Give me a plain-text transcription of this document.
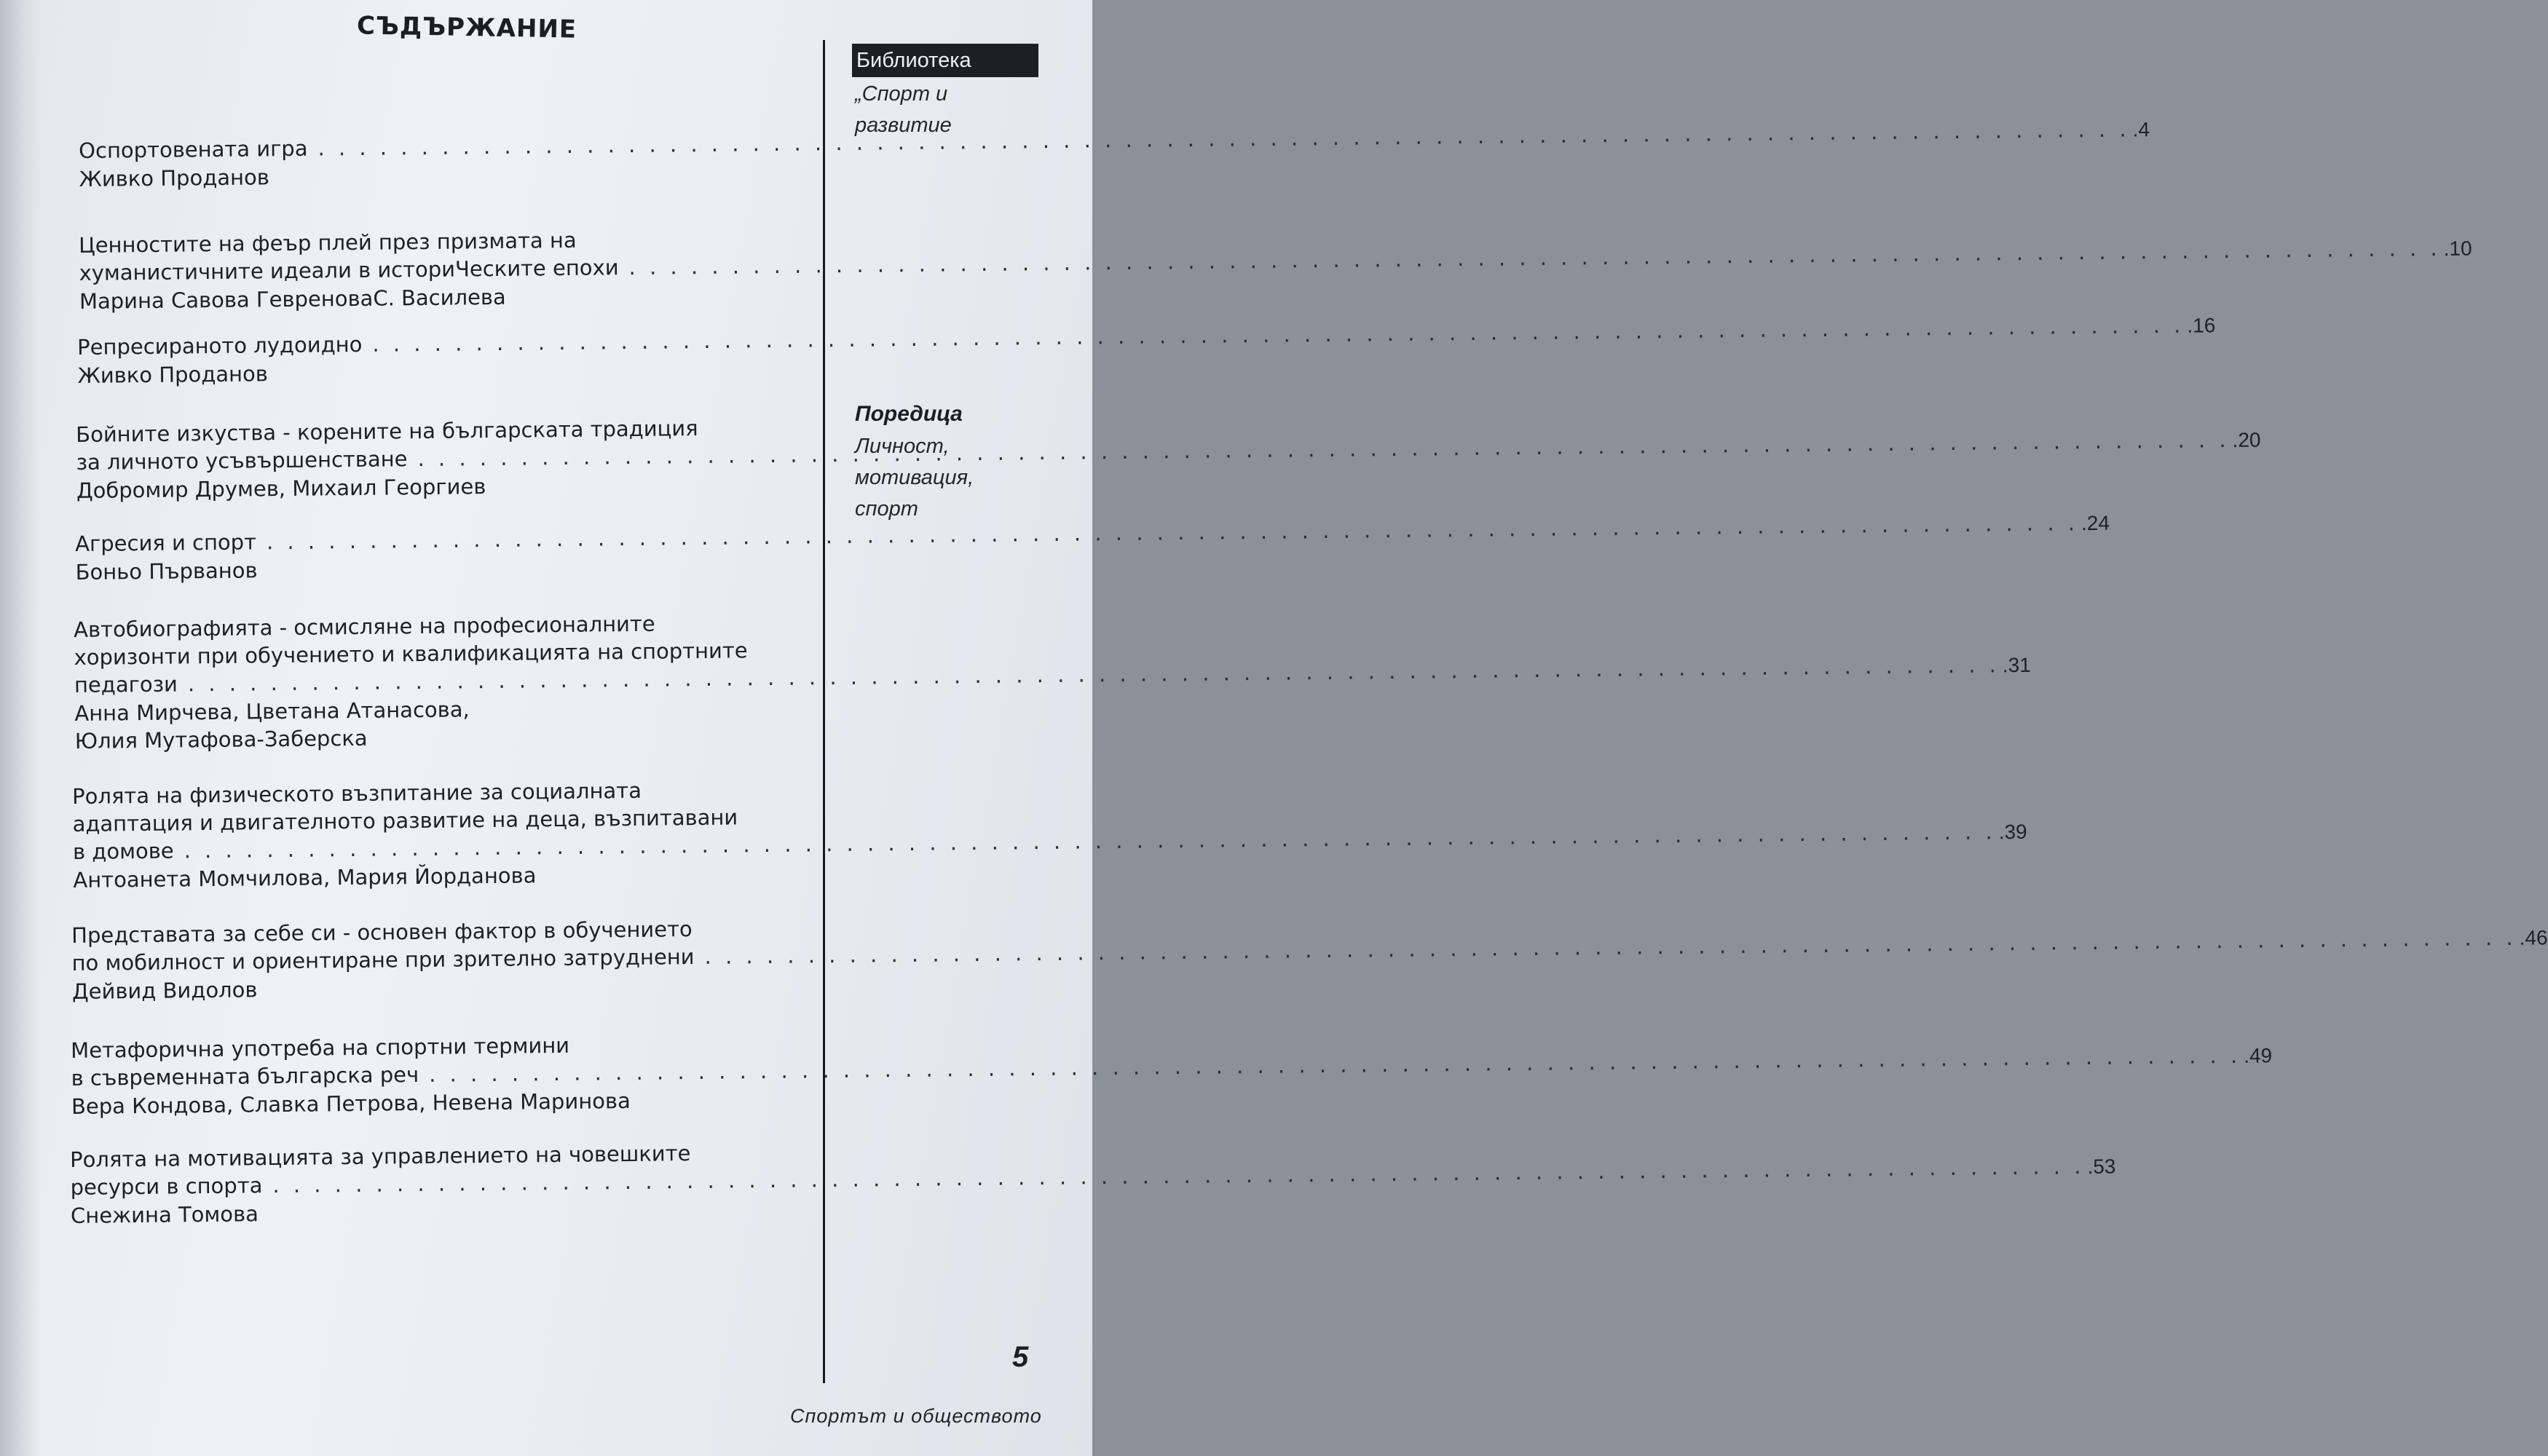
СЪДЪРЖАНИЕ
Оспортовената игра. . . .4
Живко Проданов
Ценностите на феър плей през призмата на
хуманистичните идеали в историЧеските епохи. . . .10
Марина Савова ГевреноваС. Василева
Репресираното лудоидно. . . .16
Живко Проданов
Бойните изкуства - корените на българската традиция
за личното усъвършенстване. . . .20
Добромир Друмев, Михаил Георгиев
Агресия и спорт. . . .24
Боньо Първанов
Автобиографията - осмисляне на професионалните
хоризонти при обучението и квалификацията на спортните
педагози. . . .31
Анна Мирчева, Цветана Атанасова,
Юлия Мутафова-Заберска
Ролята на физическото възпитание за социалната
адаптация и двигателното развитие на деца, възпитавани
в домове. . . .39
Антоанета Момчилова, Мария Йорданова
Представата за себе си - основен фактор в обучението
по мобилност и ориентиране при зрително затруднени. . . .46
Дейвид Видолов
Метафорична употреба на спортни термини
в съвременната българска реч. . . .49
Вера Кондова, Славка Петрова, Невена Маринова
Ролята на мотивацията за управлението на човешките
ресурси в спорта. . . .53
Снежина Томова
Библиотека
„Спорт и
развитие
Поредица
Личност,
мотивация,
спорт
5
Спортът и обществото
